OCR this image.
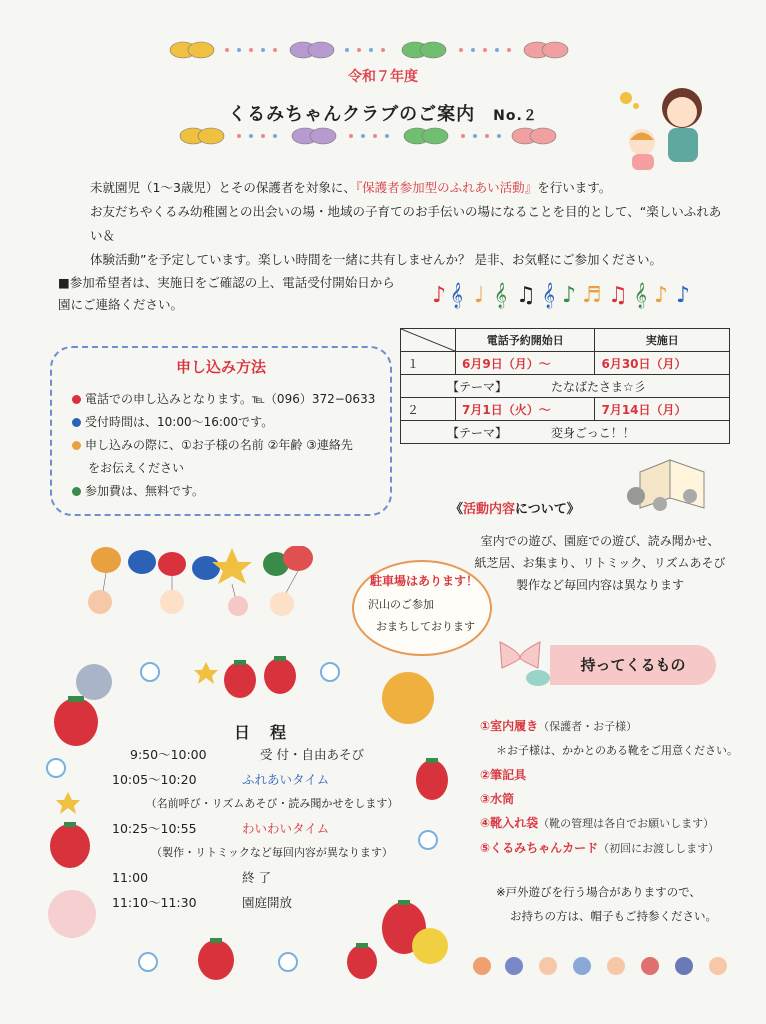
令和７年度
くるみちゃんクラブのご案内 No.２
未就園児（1～3歳児）とその保護者を対象に、『保護者参加型のふれあい活動』を行います。
お友だちやくるみ幼稚園との出会いの場・地域の子育てのお手伝いの場になることを目的として、“楽しいふれあい＆
体験活動”を予定しています。楽しい時間を一緒に共有しませんか？ 是非、お気軽にご参加ください。
■参加希望者は、実施日をご確認の上、電話受付開始日から
園にご連絡ください。	♪ 𝄞 ♩ 𝄞 ♫ 𝄞 ♪ ♬ ♫ 𝄞 ♪ ♪
	電話予約開始日	実施日
１	6月9日（月）～	6月30日（月）
【テーマ】 たなばたさま☆彡		
２	7月1日（火）～	7月14日（月）
【テーマ】 変身ごっこ！！		
申し込み方法
電話での申し込みとなります。℡（096）372−0633
受付時間は、10:00～16:00です。
申し込みの際に、①お子様の名前 ②年齢 ③連絡先
をお伝えください
参加費は、無料です。
《活動内容について》
室内での遊び、園庭での遊び、読み聞かせ、
紙芝居、お集まり、リトミック、リズムあそび
製作など毎回内容は異なります
駐車場はあります！
沢山のご参加
おまちしております
持ってくるもの
①室内履き（保護者・お子様）
＊お子様は、かかとのある靴をご用意ください。
②筆記具
③水筒
④靴入れ袋（靴の管理は各自でお願いします）
⑤くるみちゃんカード（初回にお渡しします）
※戸外遊びを行う場合がありますので、
お持ちの方は、帽子もご持参ください。
日程
9:50～10:00	受 付・自由あそび
10:05～10:20	ふれあいタイム
（名前呼び・リズムあそび・読み聞かせをします）
10:25～10:55	わいわいタイム
（製作・リトミックなど毎回内容が異なります）
11:00	終 了
11:10～11:30	園庭開放
